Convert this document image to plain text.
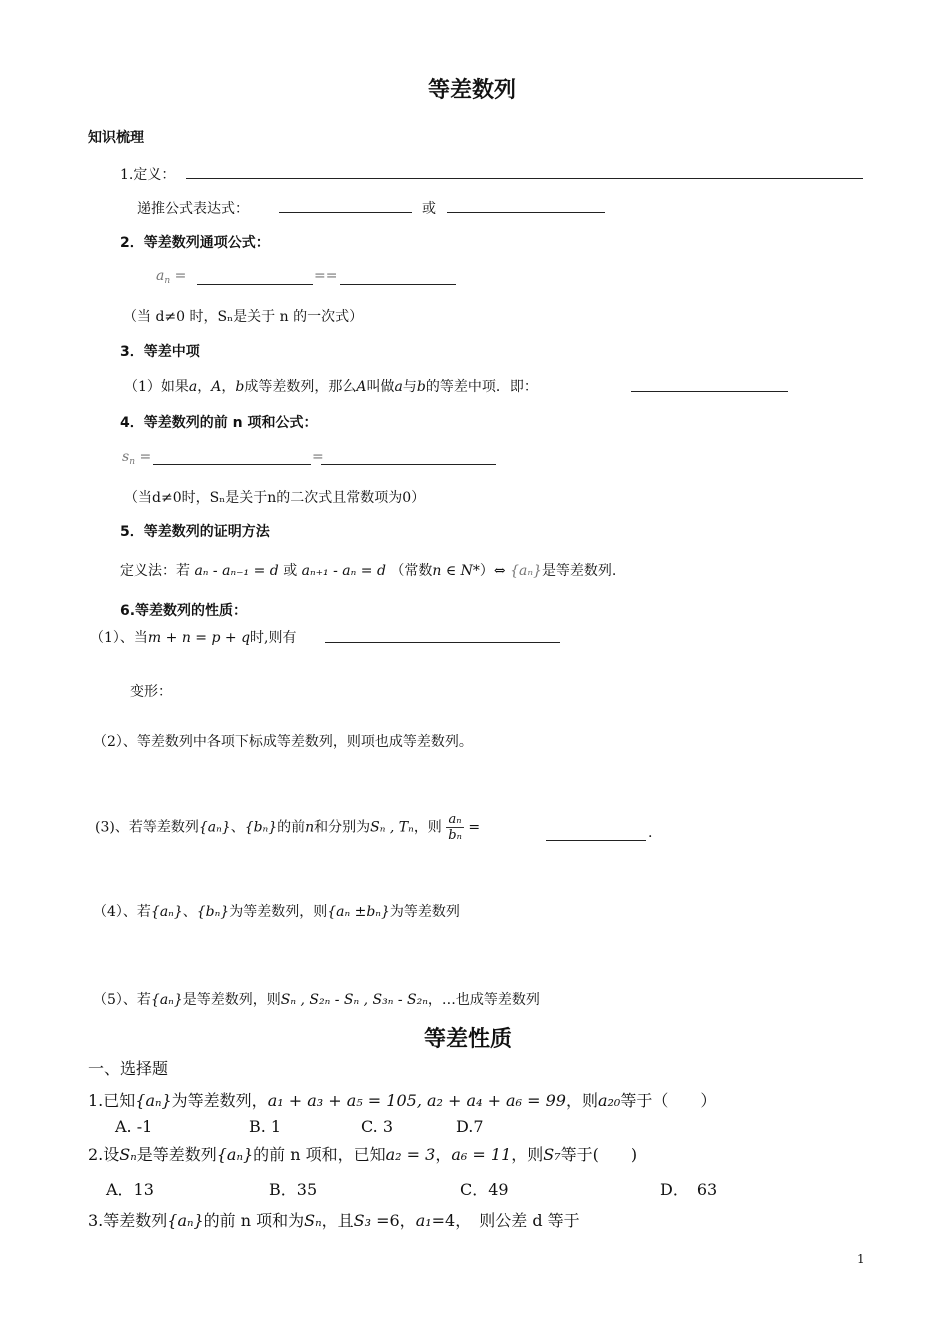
等差数列
知识梳理
1.定义：
递推公式表达式：	或
2．等差数列通项公式：
$a_n$ =	==
（当 d≠0 时，Sₙ是关于 n 的一次式）
3．等差中项
（1）如果a，A，b成等差数列，那么A叫做a与b的等差中项．即：
4．等差数列的前 n 项和公式：
$s_n$ =	=
（当d≠0时，Sₙ是关于n的二次式且常数项为0）
5．等差数列的证明方法
定义法：若 aₙ - aₙ₋₁ = d 或 aₙ₊₁ - aₙ = d （常数n ∈ N*）⇔ {aₙ}是等差数列.
6.等差数列的性质：
（1）、当m + n = p + q时,则有
变形：
（2）、等差数列中各项下标成等差数列，则项也成等差数列。
(3)、若等差数列{aₙ}、{bₙ}的前n和分别为Sₙ , Tₙ，则 $\frac{\text{aₙ}}{\text{bₙ}}$ =	.
（4）、若{aₙ}、{bₙ}为等差数列，则{aₙ ±bₙ}为等差数列
（5）、若{aₙ}是等差数列，则Sₙ , S₂ₙ - Sₙ , S₃ₙ - S₂ₙ，…也成等差数列
等差性质
一、选择题
1.已知{aₙ}为等差数列，a₁ + a₃ + a₅ = 105, a₂ + a₄ + a₆ = 99，则a₂₀等于（　　）
A. -1	B. 1	C. 3	D.7
2.设Sₙ是等差数列{aₙ}的前 n 项和，已知a₂ = 3，a₆ = 11，则S₇等于(　　)
A．13	B．35	C．49	D．　63
3.等差数列{aₙ}的前 n 项和为Sₙ，且S₃ =6，a₁=4，　则公差 d 等于
1
